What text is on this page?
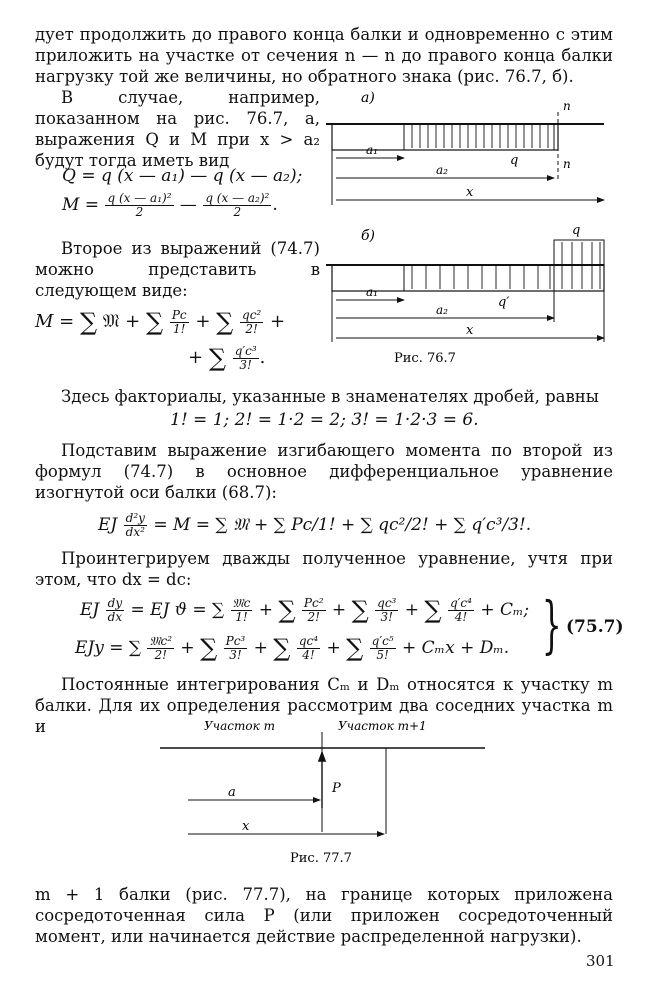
дует продолжить до правого конца балки и одновременно с этим приложить на участке от сечения n — n до правого конца балки нагрузку той же величины, но обратного знака (рис. 76.7, б).
В случае, например, показанном на рис. 76.7, а, выражения Q и M при x > a₂ будут тогда иметь вид
Q = q (x — a₁) — q (x — a₂);
$M = \frac{\text{q (x — a₁)²}}{2}$ — $\frac{\text{q (x — a₂)²}}{2}$ .
Второе из выражений (74.7) можно представить в следующем виде:
M = ∑ 𝔐 + ∑ $\frac{Pc}{1!}$ + ∑ $\frac{\text{qc²}}{2!}$ +
+ ∑ $\frac{\text{q′c³}}{3!}$ .
а)	n
n
q
a₁
a₂
x
б)	q
q′
a₁
a₂
x
Рис. 76.7
Здесь факториалы, указанные в знаменателях дробей, равны
1! = 1; 2! = 1·2 = 2; 3! = 1·2·3 = 6.
Подставим выражение изгибающего момента по второй из формул (74.7) в основное дифференциальное уравнение изогнутой оси балки (68.7):
EJ $\frac{\text{d²y}}{\text{dx²}} = M$ = ∑ 𝔐 + ∑ Pc/1! + ∑ qc²/2! + ∑ q′c³/3!.
Проинтегрируем дважды полученное уравнение, учтя при этом, что dx = dc:
EJ $\frac{dy}{dx}$ = EJ ϑ = ∑ $\frac{\text{𝔐c}}{1!}$ + ∑ $\frac{\text{Pc²}}{2!}$ + ∑ $\frac{\text{qc³}}{3!}$ + ∑ $\frac{\text{q′c⁴}}{4!} + C_m$;
EJy = ∑ $\frac{\text{𝔐c²}}{2!}$ + ∑ $\frac{\text{Pc³}}{3!}$ + ∑ $\frac{\text{qc⁴}}{4!}$ + ∑ $\frac{\text{q′c⁵}}{5!} + C_mx + D_m$. } (75.7)
Постоянные интегрирования Cₘ и Dₘ относятся к участку m балки. Для их определения рассмотрим два соседних участка m и	Участок m	Участок m+1
P
a
x
Рис. 77.7
m + 1 балки (рис. 77.7), на границе которых приложена сосредоточенная сила P (или приложен сосредоточенный момент, или начинается действие распределенной нагрузки).
301
